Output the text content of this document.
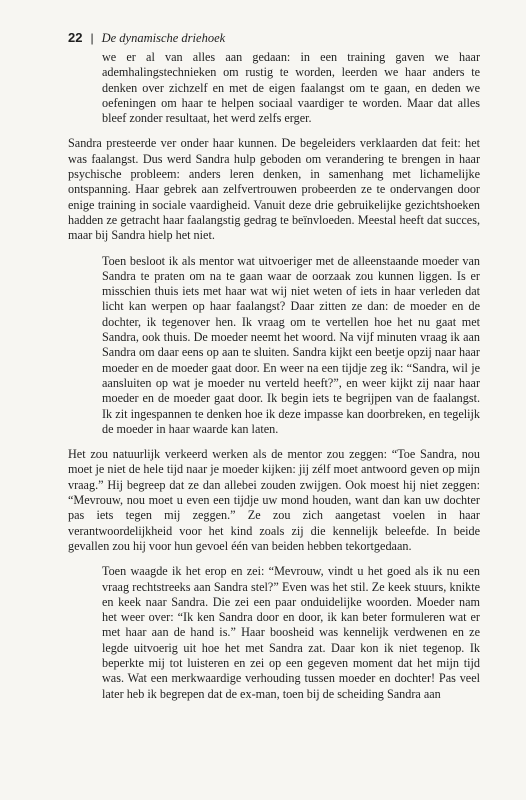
22 | De dynamische driehoek

we er al van alles aan gedaan: in een training gaven we haar ademhalingstechnieken om rustig te worden, leerden we haar anders te denken over zichzelf en met de eigen faalangst om te gaan, en deden we oefeningen om haar te helpen sociaal vaardiger te worden. Maar dat alles bleef zonder resultaat, het werd zelfs erger.

Sandra presteerde ver onder haar kunnen. De begeleiders verklaarden dat feit: het was faalangst. Dus werd Sandra hulp geboden om verandering te brengen in haar psychische probleem: anders leren denken, in samenhang met lichamelijke ontspanning. Haar gebrek aan zelfvertrouwen probeerden ze te ondervangen door enige training in sociale vaardigheid. Vanuit deze drie gebruikelijke gezichtshoeken hadden ze getracht haar faalangstig gedrag te beïnvloeden. Meestal heeft dat succes, maar bij Sandra hielp het niet.

Toen besloot ik als mentor wat uitvoeriger met de alleenstaande moeder van Sandra te praten om na te gaan waar de oorzaak zou kunnen liggen. Is er misschien thuis iets met haar wat wij niet weten of iets in haar verleden dat licht kan werpen op haar faalangst? Daar zitten ze dan: de moeder en de dochter, ik tegenover hen. Ik vraag om te vertellen hoe het nu gaat met Sandra, ook thuis. De moeder neemt het woord. Na vijf minuten vraag ik aan Sandra om daar eens op aan te sluiten. Sandra kijkt een beetje opzij naar haar moeder en de moeder gaat door. En weer na een tijdje zeg ik: “Sandra, wil je aansluiten op wat je moeder nu verteld heeft?”, en weer kijkt zij naar haar moeder en de moeder gaat door. Ik begin iets te begrijpen van de faalangst. Ik zit ingespannen te denken hoe ik deze impasse kan doorbreken, en tegelijk de moeder in haar waarde kan laten.

Het zou natuurlijk verkeerd werken als de mentor zou zeggen: “Toe Sandra, nou moet je niet de hele tijd naar je moeder kijken: jij zélf moet antwoord geven op mijn vraag.” Hij begreep dat ze dan allebei zouden zwijgen. Ook moest hij niet zeggen: “Mevrouw, nou moet u even een tijdje uw mond houden, want dan kan uw dochter pas iets tegen mij zeggen.” Ze zou zich aangetast voelen in haar verantwoordelijkheid voor het kind zoals zij die kennelijk beleefde. In beide gevallen zou hij voor hun gevoel één van beiden hebben tekortgedaan.

Toen waagde ik het erop en zei: “Mevrouw, vindt u het goed als ik nu een vraag rechtstreeks aan Sandra stel?” Even was het stil. Ze keek stuurs, knikte en keek naar Sandra. Die zei een paar onduidelijke woorden. Moeder nam het weer over: “Ik ken Sandra door en door, ik kan beter formuleren wat er met haar aan de hand is.” Haar boosheid was kennelijk verdwenen en ze legde uitvoerig uit hoe het met Sandra zat. Daar kon ik niet tegenop. Ik beperkte mij tot luisteren en zei op een gegeven moment dat het mijn tijd was. Wat een merkwaardige verhouding tussen moeder en dochter! Pas veel later heb ik begrepen dat de ex-man, toen bij de scheiding Sandra aan
